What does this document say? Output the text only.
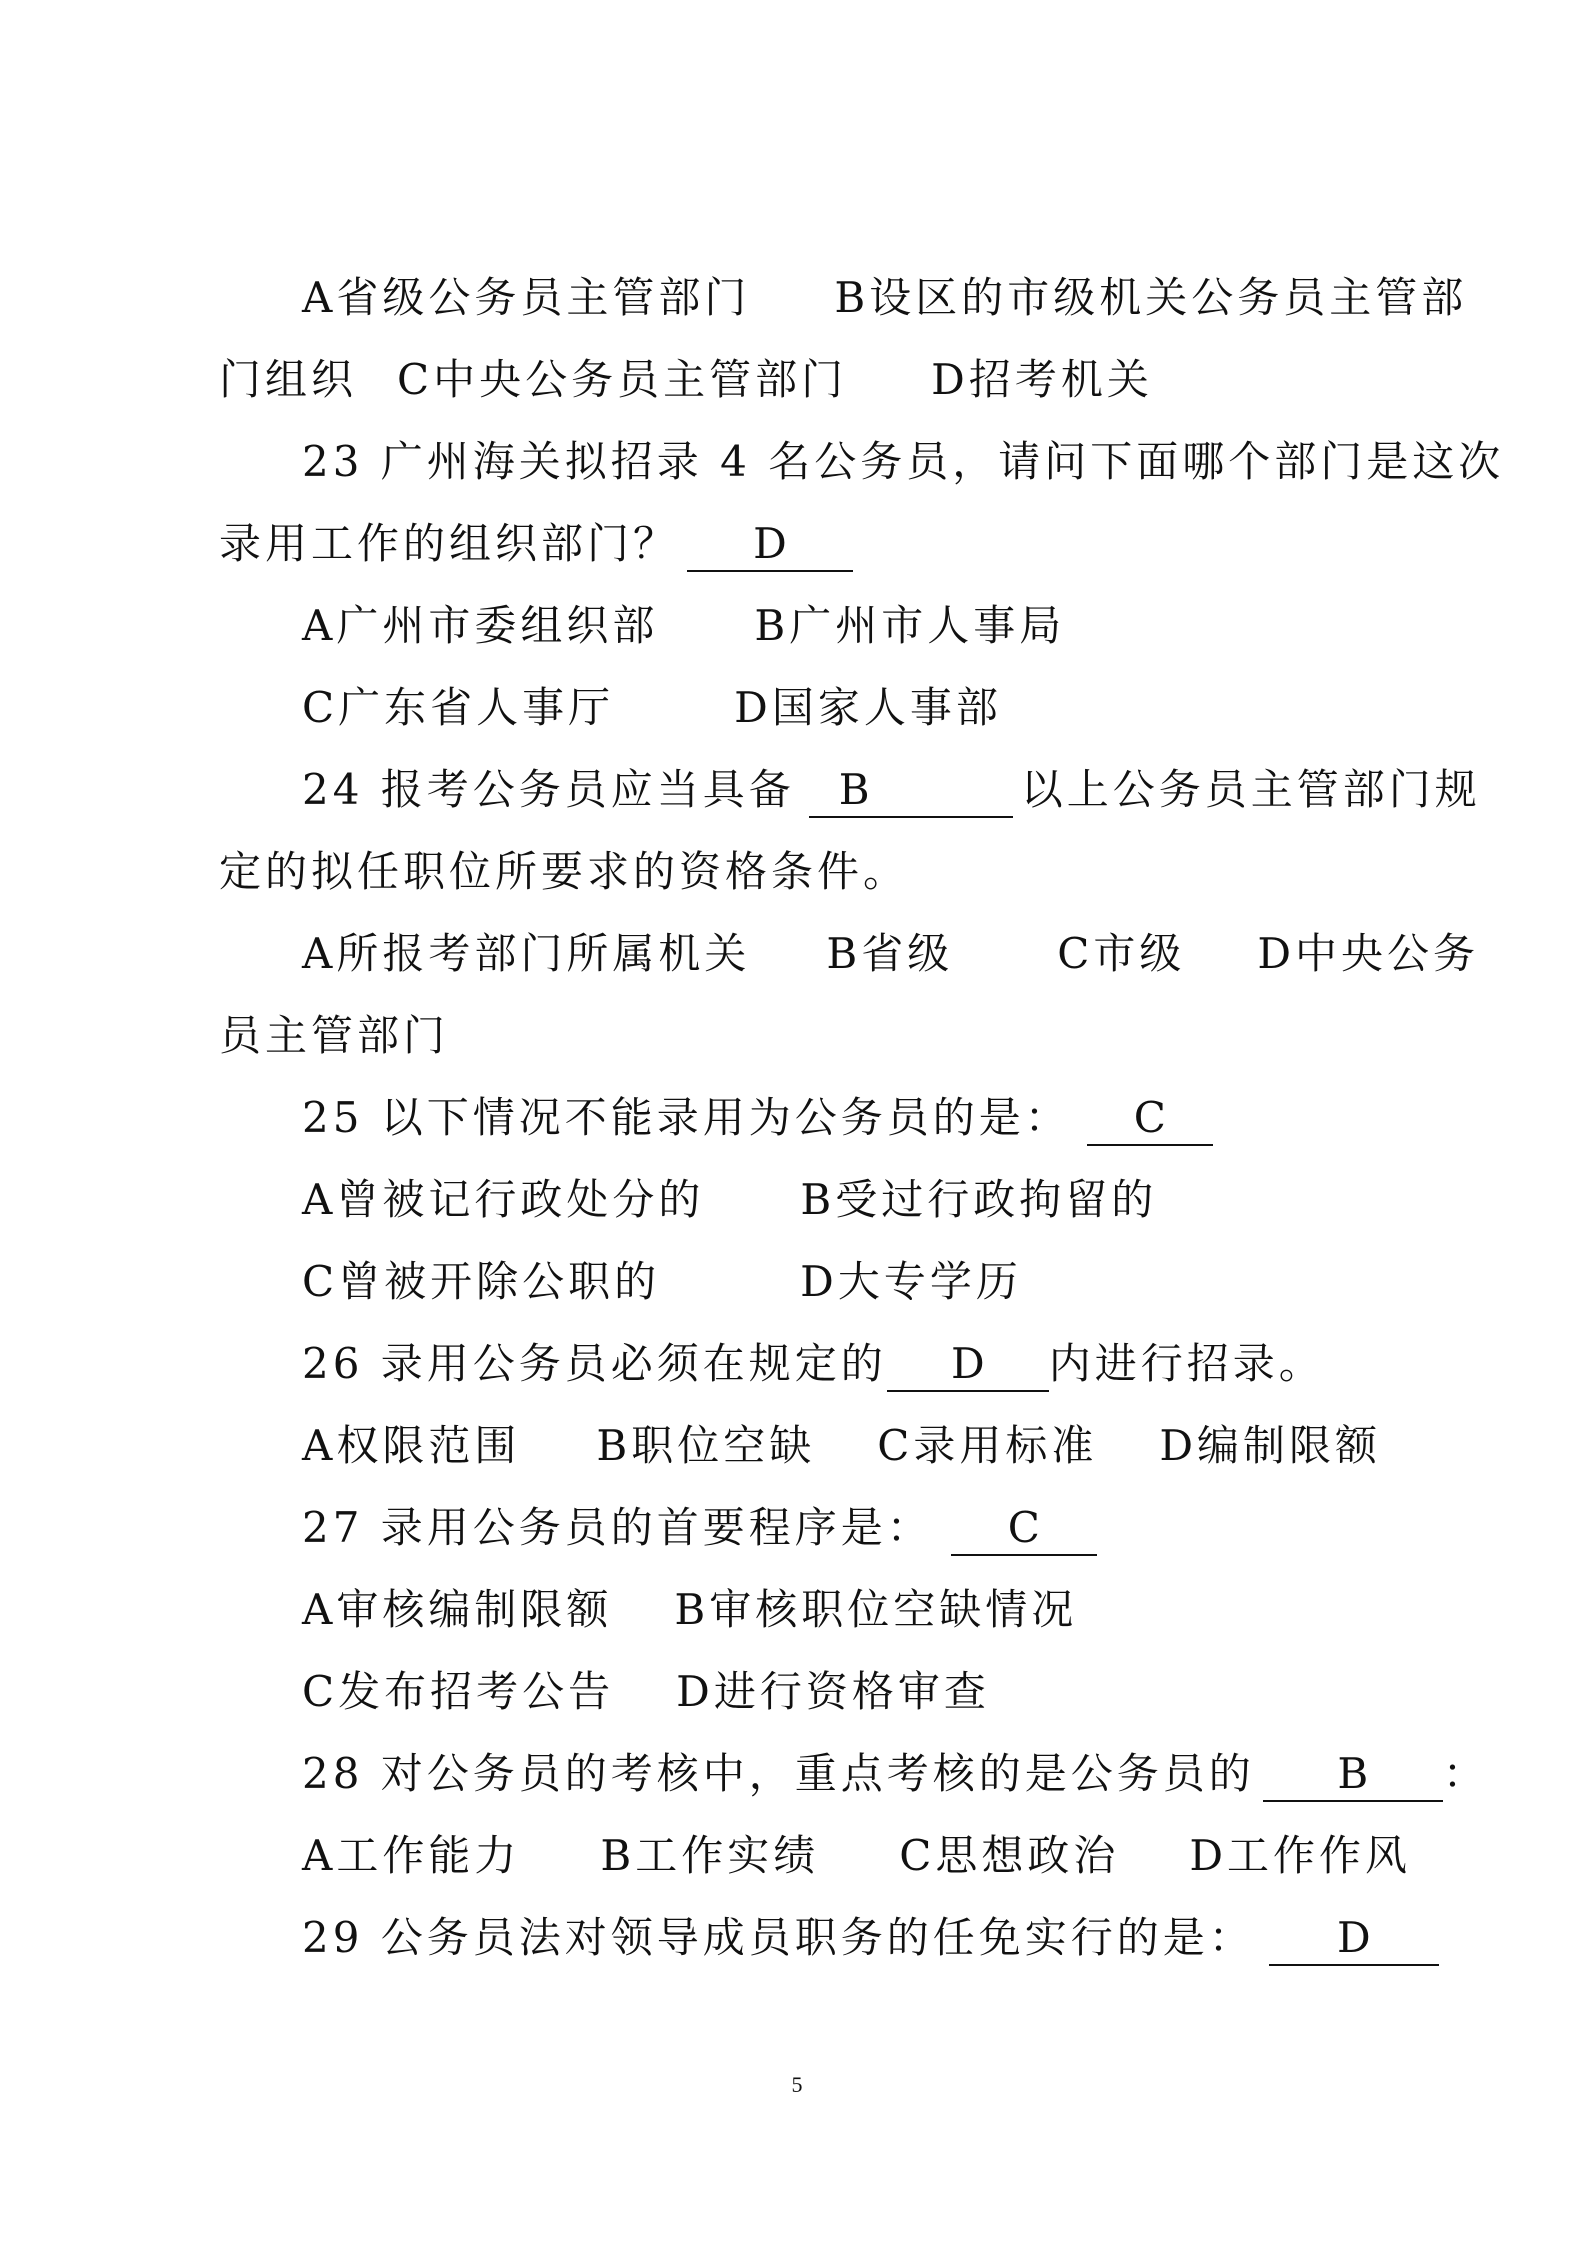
A省级公务员主管部门 B设区的市级机关公务员主管部
门组织 C中央公务员主管部门 D招考机关
23 广州海关拟招录 4 名公务员，请问下面哪个部门是这次
录用工作的组织部门？ D
A广州市委组织部 B广州市人事局
C广东省人事厅	D国家人事部
24 报考公务员应当具备 B	以上公务员主管部门规
定的拟任职位所要求的资格条件。
A所报考部门所属机关 B省级 C市级 D中央公务
员主管部门
25 以下情况不能录用为公务员的是： C
A曾被记行政处分的 B受过行政拘留的
C曾被开除公职的	D大专学历
26 录用公务员必须在规定的 D 内进行招录。
A权限范围 B职位空缺 C录用标准 D编制限额
27 录用公务员的首要程序是： C
A审核编制限额 B审核职位空缺情况
C发布招考公告 D进行资格审查
28 对公务员的考核中，重点考核的是公务员的 B ：
A工作能力 B工作实绩 C思想政治 D工作作风
29 公务员法对领导成员职务的任免实行的是： D
5
